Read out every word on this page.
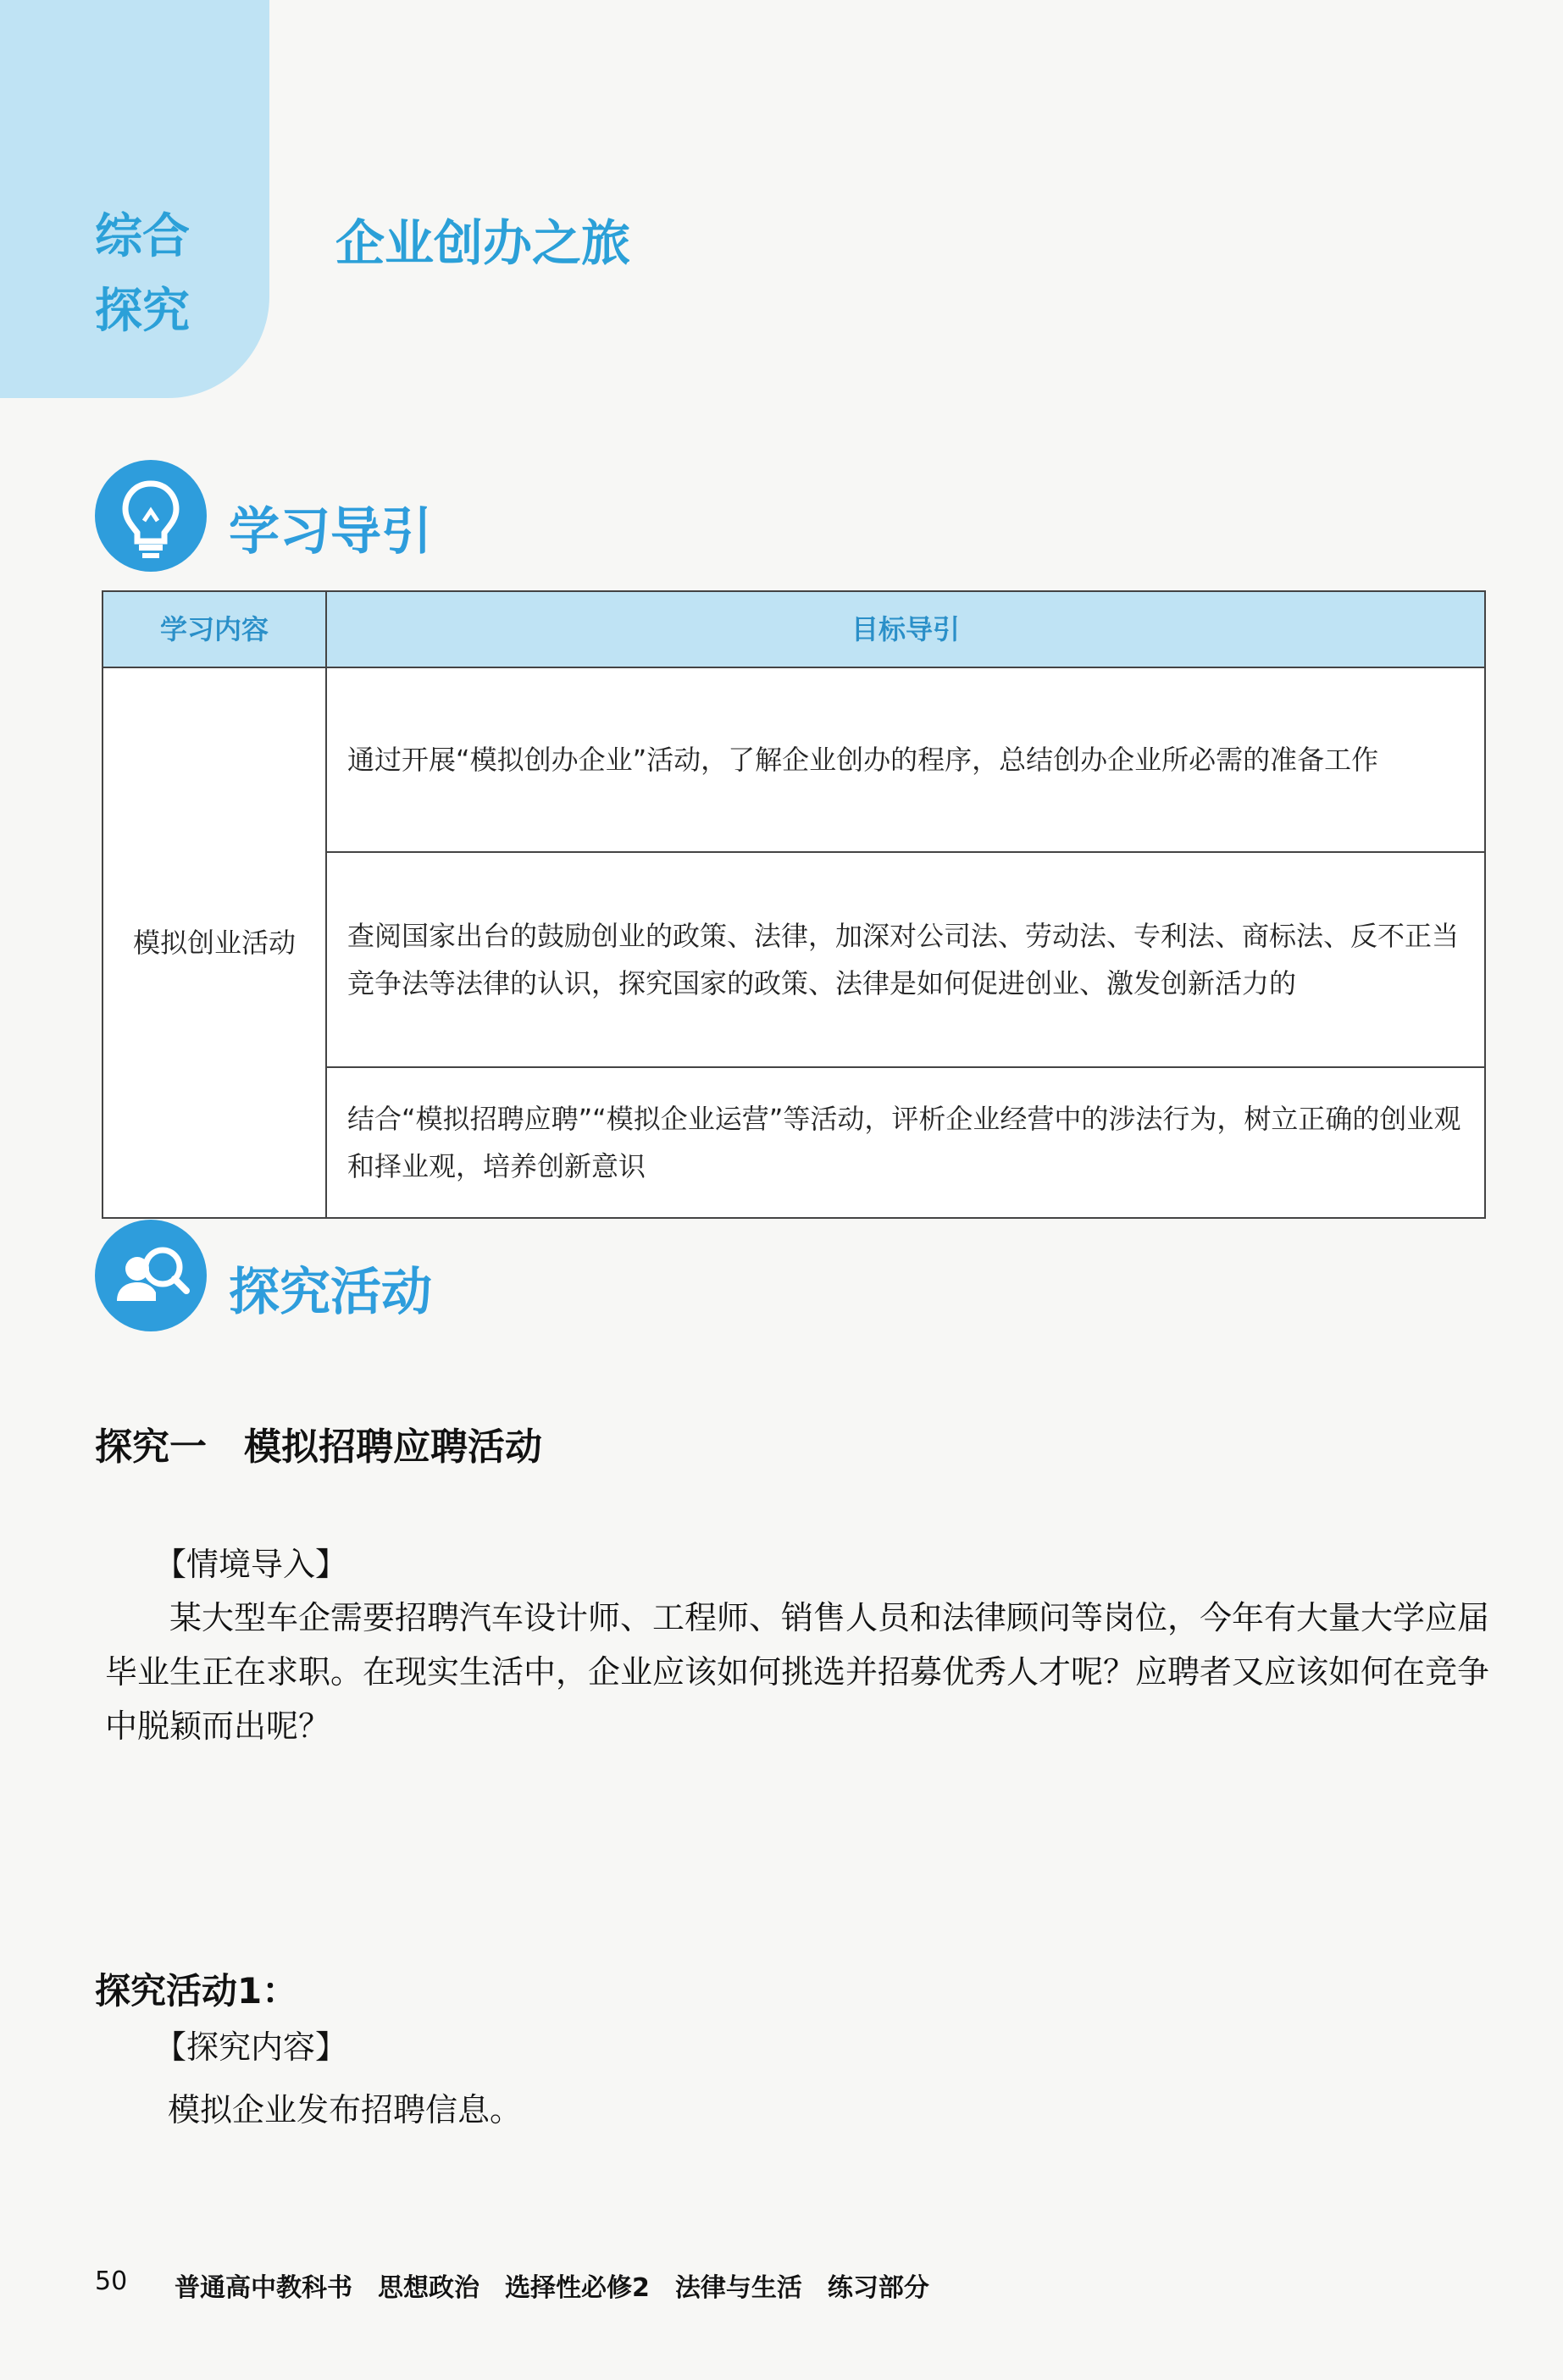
综合探究
企业创办之旅
学习导引
学习内容	目标导引
模拟创业活动	通过开展“模拟创办企业”活动，了解企业创办的程序，总结创办企业所必需的准备工作
	查阅国家出台的鼓励创业的政策、法律，加深对公司法、劳动法、专利法、商标法、反不正当竞争法等法律的认识，探究国家的政策、法律是如何促进创业、激发创新活力的
	结合“模拟招聘应聘”“模拟企业运营”等活动，评析企业经营中的涉法行为，树立正确的创业观和择业观，培养创新意识
探究活动
探究一　模拟招聘应聘活动
【情境导入】
某大型车企需要招聘汽车设计师、工程师、销售人员和法律顾问等岗位，今年有大量大学应届毕业生正在求职。在现实生活中，企业应该如何挑选并招募优秀人才呢？应聘者又应该如何在竞争中脱颖而出呢？
探究活动1：
【探究内容】
模拟企业发布招聘信息。
50 普通高中教科书　思想政治　选择性必修2　法律与生活　练习部分
